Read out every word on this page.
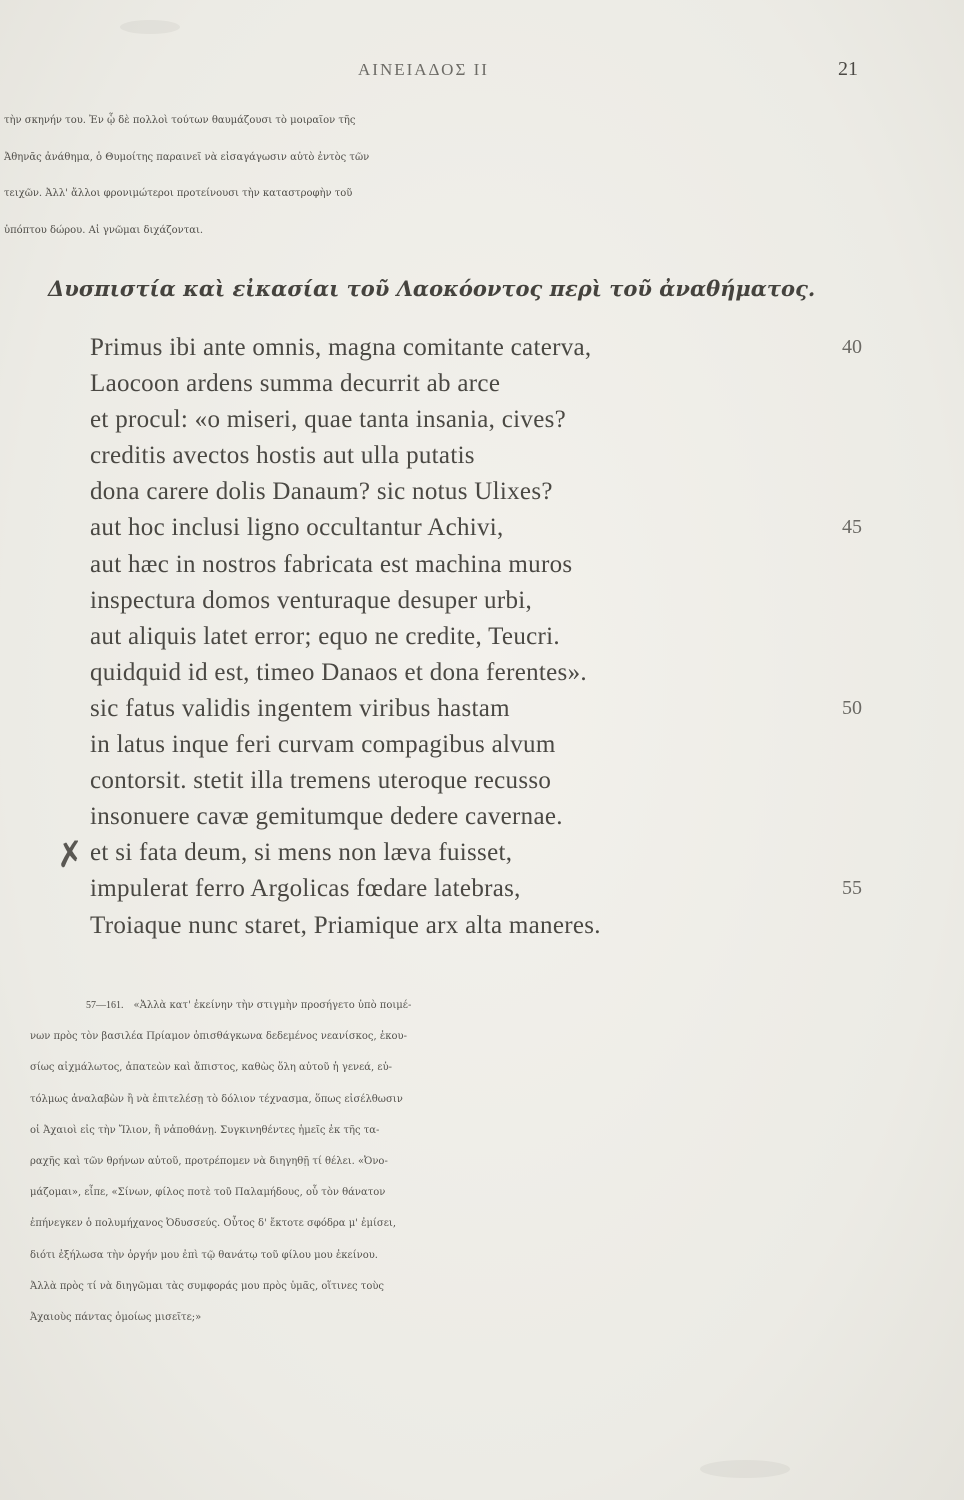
ΑΙΝΕΙΑΔΟΣ II	21
τὴν σκηνήν του. Ἐν ᾧ δὲ πολλοὶ τούτων θαυμάζουσι τὸ μοιραῖον τῆς
Ἀθηνᾶς ἀνάθημα, ὁ Θυμοίτης παραινεῖ νὰ εἰσαγάγωσιν αὐτὸ ἐντὸς τῶν
τειχῶν. Ἀλλ' ἄλλοι φρονιμώτεροι προτείνουσι τὴν καταστροφὴν τοῦ
ὑπόπτου δώρου. Αἱ γνῶμαι διχάζονται.
Δυσπιστία καὶ εἰκασίαι τοῦ Λαοκόοντος περὶ τοῦ ἀναθήματος.
Primus ibi ante omnis, magna comitante caterva,	40
Laocoon ardens summa decurrit ab arce
et procul: «o miseri, quae tanta insania, cives?
creditis avectos hostis aut ulla putatis
dona carere dolis Danaum? sic notus Ulixes?
aut hoc inclusi ligno occultantur Achivi,	45
aut hæc in nostros fabricata est machina muros
inspectura domos venturaque desuper urbi,
aut aliquis latet error; equo ne credite, Teucri.
quidquid id est, timeo Danaos et dona ferentes».
sic fatus validis ingentem viribus hastam	50
in latus inque feri curvam compagibus alvum
contorsit. stetit illa tremens uteroque recusso
insonuere cavæ gemitumque dedere cavernae.
et si fata deum, si mens non læva fuisset,
impulerat ferro Argolicas fœdare latebras,	55
Troiaque nunc staret, Priamique arx alta maneres.
✗
57—161. «Ἀλλὰ κατ' ἐκείνην τὴν στιγμὴν προσήγετο ὑπὸ ποιμέ-
νων πρὸς τὸν βασιλέα Πρίαμον ὀπισθάγκωνα δεδεμένος νεανίσκος, ἑκου-
σίως αἰχμάλωτος, ἀπατεὼν καὶ ἄπιστος, καθὼς ὅλη αὐτοῦ ἡ γενεά, εὐ-
τόλμως ἀναλαβὼν ἢ νὰ ἐπιτελέσῃ τὸ δόλιον τέχνασμα, ὅπως εἰσέλθωσιν
οἱ Ἀχαιοὶ εἰς τὴν Ἴλιον, ἢ νἀποθάνῃ. Συγκινηθέντες ἡμεῖς ἐκ τῆς τα-
ραχῆς καὶ τῶν θρήνων αὐτοῦ, προτρέπομεν νὰ διηγηθῇ τί θέλει. «Ὀνο-
μάζομαι», εἶπε, «Σίνων, φίλος ποτὲ τοῦ Παλαμήδους, οὗ τὸν θάνατον
ἐπήνεγκεν ὁ πολυμήχανος Ὀδυσσεύς. Οὗτος δ' ἔκτοτε σφόδρα μ' ἐμίσει,
διότι ἐξήλωσα τὴν ὀργήν μου ἐπὶ τῷ θανάτῳ τοῦ φίλου μου ἐκείνου.
Ἀλλὰ πρὸς τί νὰ διηγῶμαι τὰς συμφοράς μου πρὸς ὑμᾶς, οἵτινες τοὺς
Ἀχαιοὺς πάντας ὁμοίως μισεῖτε;»
